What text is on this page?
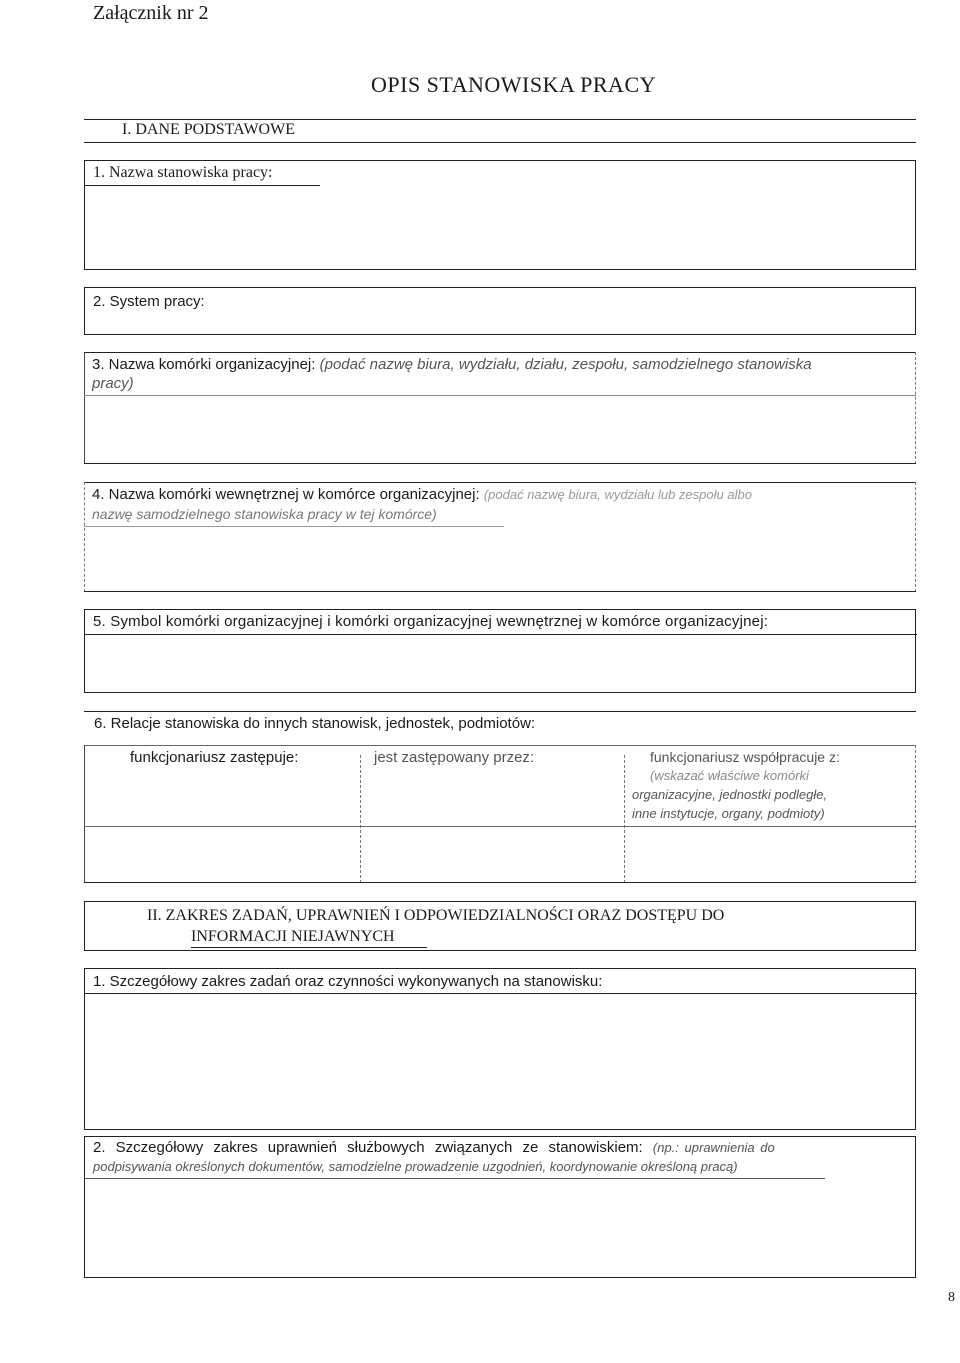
Załącznik nr 2
OPIS STANOWISKA PRACY
I. DANE PODSTAWOWE
1. Nazwa stanowiska pracy:
2. System pracy:
3. Nazwa komórki organizacyjnej: (podać nazwę biura, wydziału, działu, zespołu, samodzielnego stanowiska
pracy)
4. Nazwa komórki wewnętrznej w komórce organizacyjnej: (podać nazwę biura, wydziału lub zespołu albo
nazwę samodzielnego stanowiska pracy w tej komórce)
5. Symbol komórki organizacyjnej i komórki organizacyjnej wewnętrznej w komórce organizacyjnej:
6. Relacje stanowiska do innych stanowisk, jednostek, podmiotów:
funkcjonariusz zastępuje:	jest zastępowany przez:	funkcjonariusz współpracuje z:
(wskazać właściwe komórki
organizacyjne, jednostki podległe,
inne instytucje, organy, podmioty)
II. ZAKRES ZADAŃ, UPRAWNIEŃ I ODPOWIEDZIALNOŚCI ORAZ DOSTĘPU DO
INFORMACJI NIEJAWNYCH
1. Szczegółowy zakres zadań oraz czynności wykonywanych na stanowisku:
2. Szczegółowy zakres uprawnień służbowych związanych ze stanowiskiem: (np.: uprawnienia do
podpisywania określonych dokumentów, samodzielne prowadzenie uzgodnień, koordynowanie określoną pracą)
8
